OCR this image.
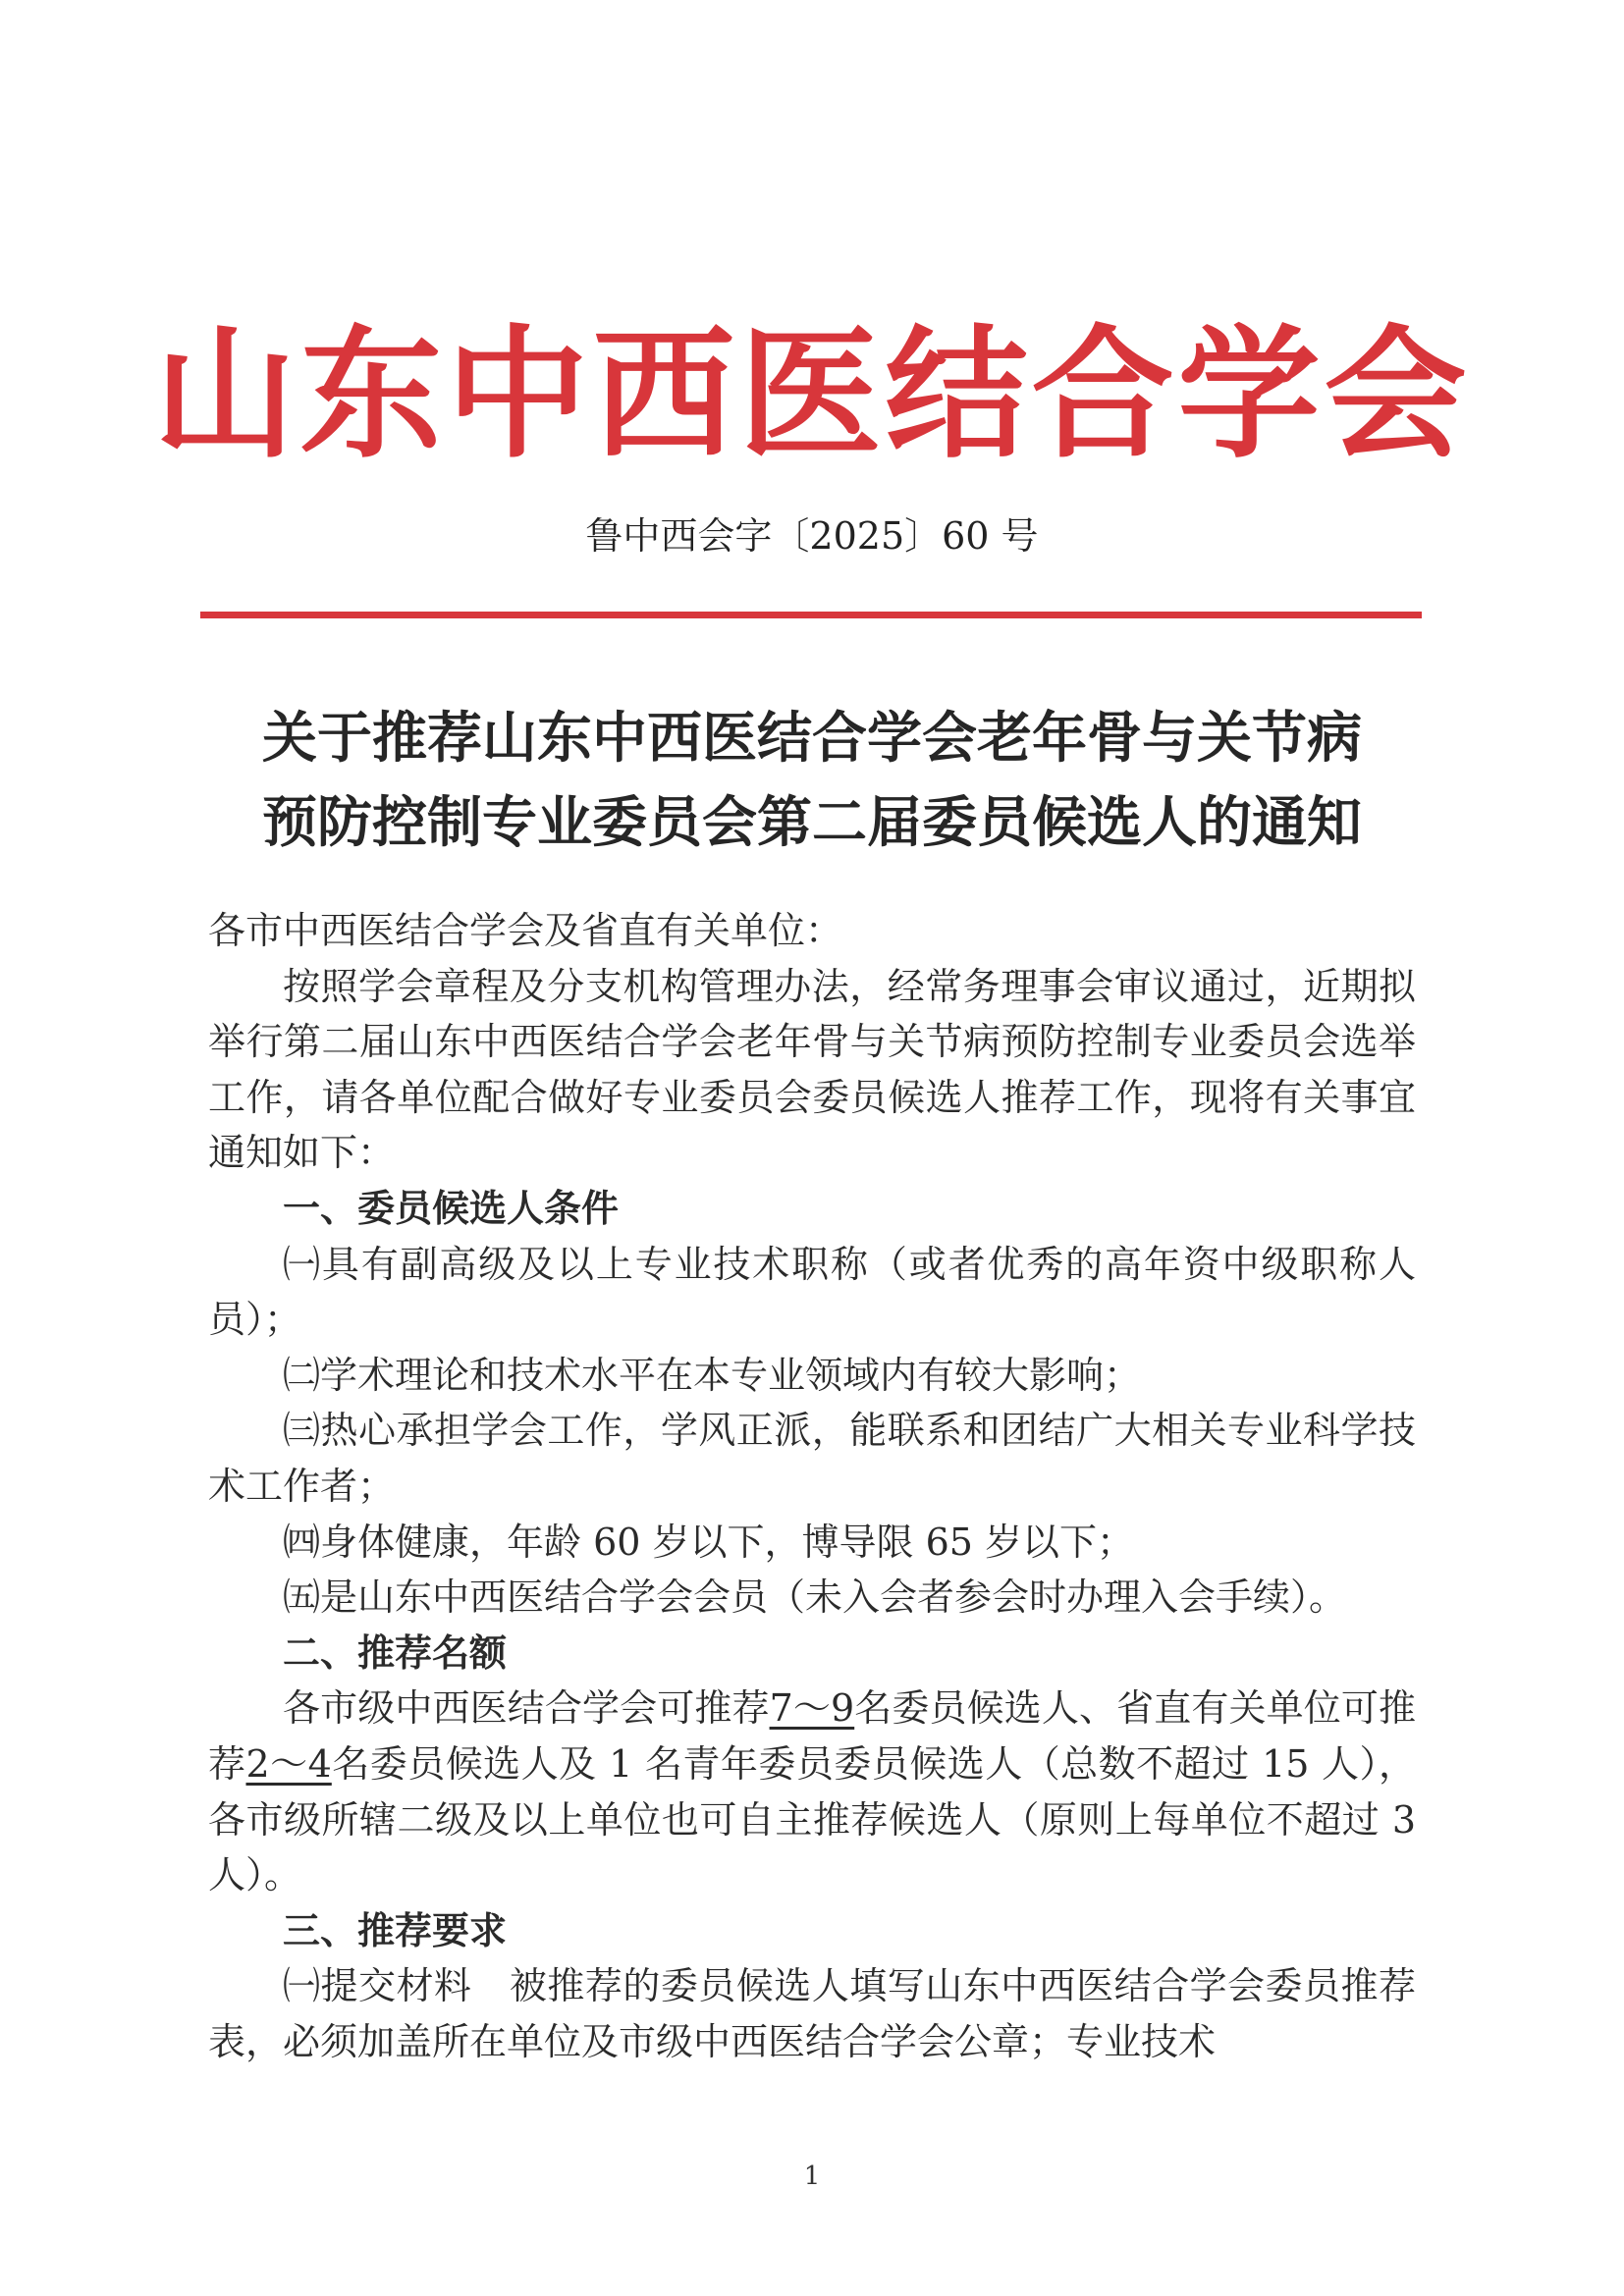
山东中西医结合学会
鲁中西会字〔2025〕60 号
关于推荐山东中西医结合学会老年骨与关节病
预防控制专业委员会第二届委员候选人的通知

各市中西医结合学会及省直有关单位：

按照学会章程及分支机构管理办法，经常务理事会审议通过，近期拟举行第二届山东中西医结合学会老年骨与关节病预防控制专业委员会选举工作，请各单位配合做好专业委员会委员候选人推荐工作，现将有关事宜通知如下：

一、委员候选人条件

㈠具有副高级及以上专业技术职称（或者优秀的高年资中级职称人员）；

㈡学术理论和技术水平在本专业领域内有较大影响；

㈢热心承担学会工作，学风正派，能联系和团结广大相关专业科学技术工作者；

㈣身体健康，年龄 60 岁以下，博导限 65 岁以下；

㈤是山东中西医结合学会会员（未入会者参会时办理入会手续）。

二、推荐名额

各市级中西医结合学会可推荐7～9名委员候选人、省直有关单位可推荐2～4名委员候选人及 1 名青年委员委员候选人（总数不超过 15 人），各市级所辖二级及以上单位也可自主推荐候选人（原则上每单位不超过 3 人）。

三、推荐要求

㈠提交材料　被推荐的委员候选人填写山东中西医结合学会委员推荐表，必须加盖所在单位及市级中西医结合学会公章；专业技术

1
